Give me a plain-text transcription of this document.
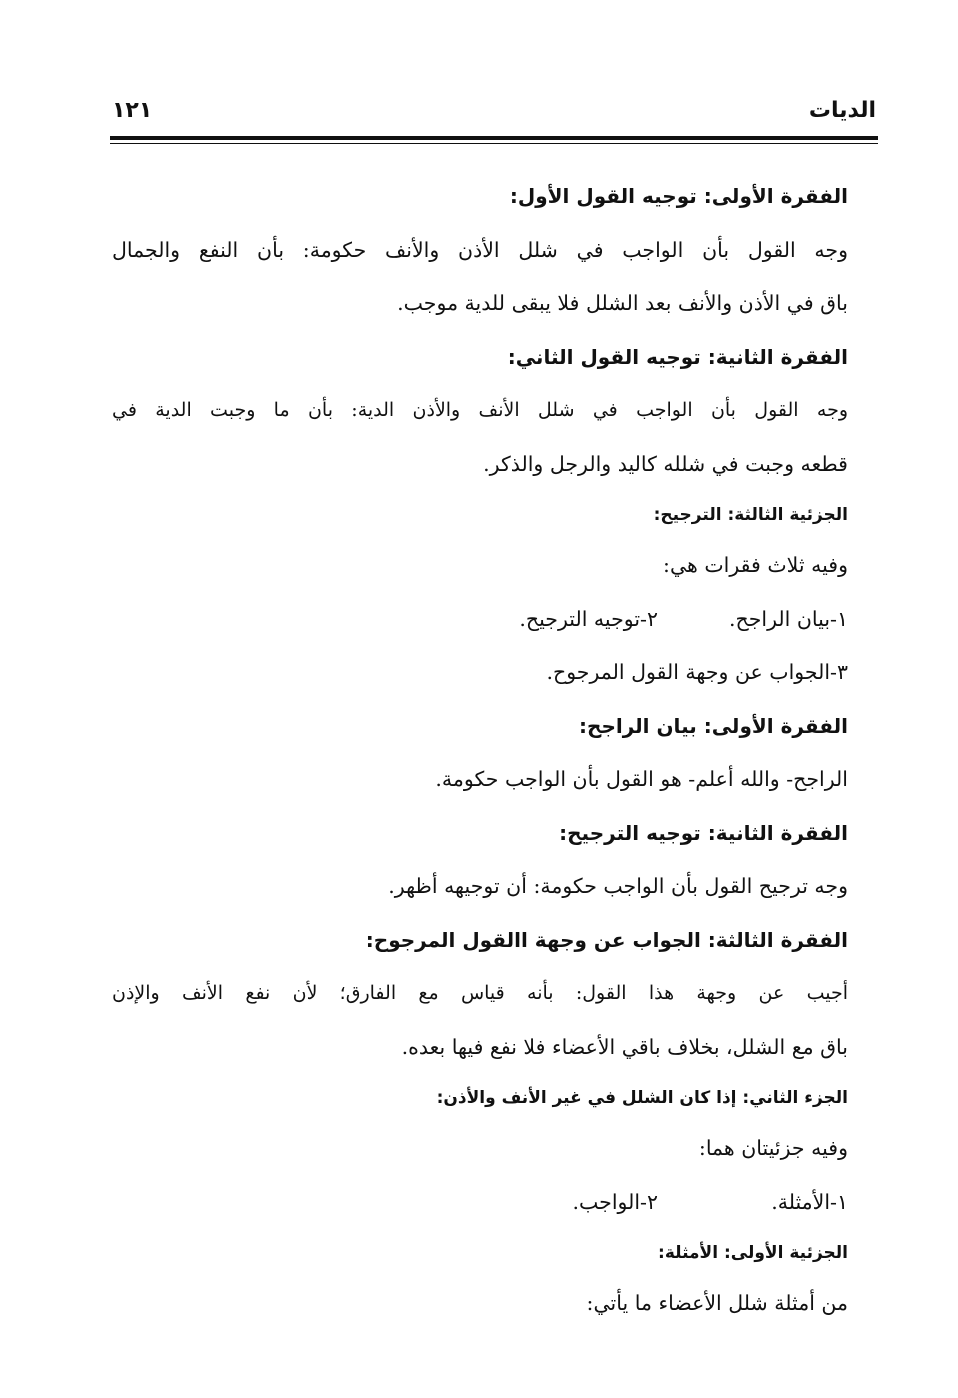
الديات
١٢١
الفقرة الأولى: توجيه القول الأول:
وجه القول بأن الواجب في شلل الأذن والأنف حكومة: بأن النفع والجمال
باق في الأذن والأنف بعد الشلل فلا يبقى للدية موجب.
الفقرة الثانية: توجيه القول الثاني:
وجه القول بأن الواجب في شلل الأنف والأذن الدية: بأن ما وجبت الدية في
قطعه وجبت في شلله كاليد والرجل والذكر.
الجزئية الثالثة: الترجيح:
وفيه ثلاث فقرات هي:
١-بيان الراجح.
٢-توجيه الترجيح.
٣-الجواب عن وجهة القول المرجوح.
الفقرة الأولى: بيان الراجح:
الراجح- والله أعلم- هو القول بأن الواجب حكومة.
الفقرة الثانية: توجيه الترجيح:
وجه ترجيح القول بأن الواجب حكومة: أن توجيهه أظهر.
الفقرة الثالثة: الجواب عن وجهة االقول المرجوح:
أجيب عن وجهة هذا القول: بأنه قياس مع الفارق؛ لأن نفع الأنف والإذن
باق مع الشلل، بخلاف باقي الأعضاء فلا نفع فيها بعده.
الجزء الثاني: إذا كان الشلل في غير الأنف والأذن:
وفيه جزئيتان هما:
١-الأمثلة.
٢-الواجب.
الجزئية الأولى: الأمثلة:
من أمثلة شلل الأعضاء ما يأتي:
